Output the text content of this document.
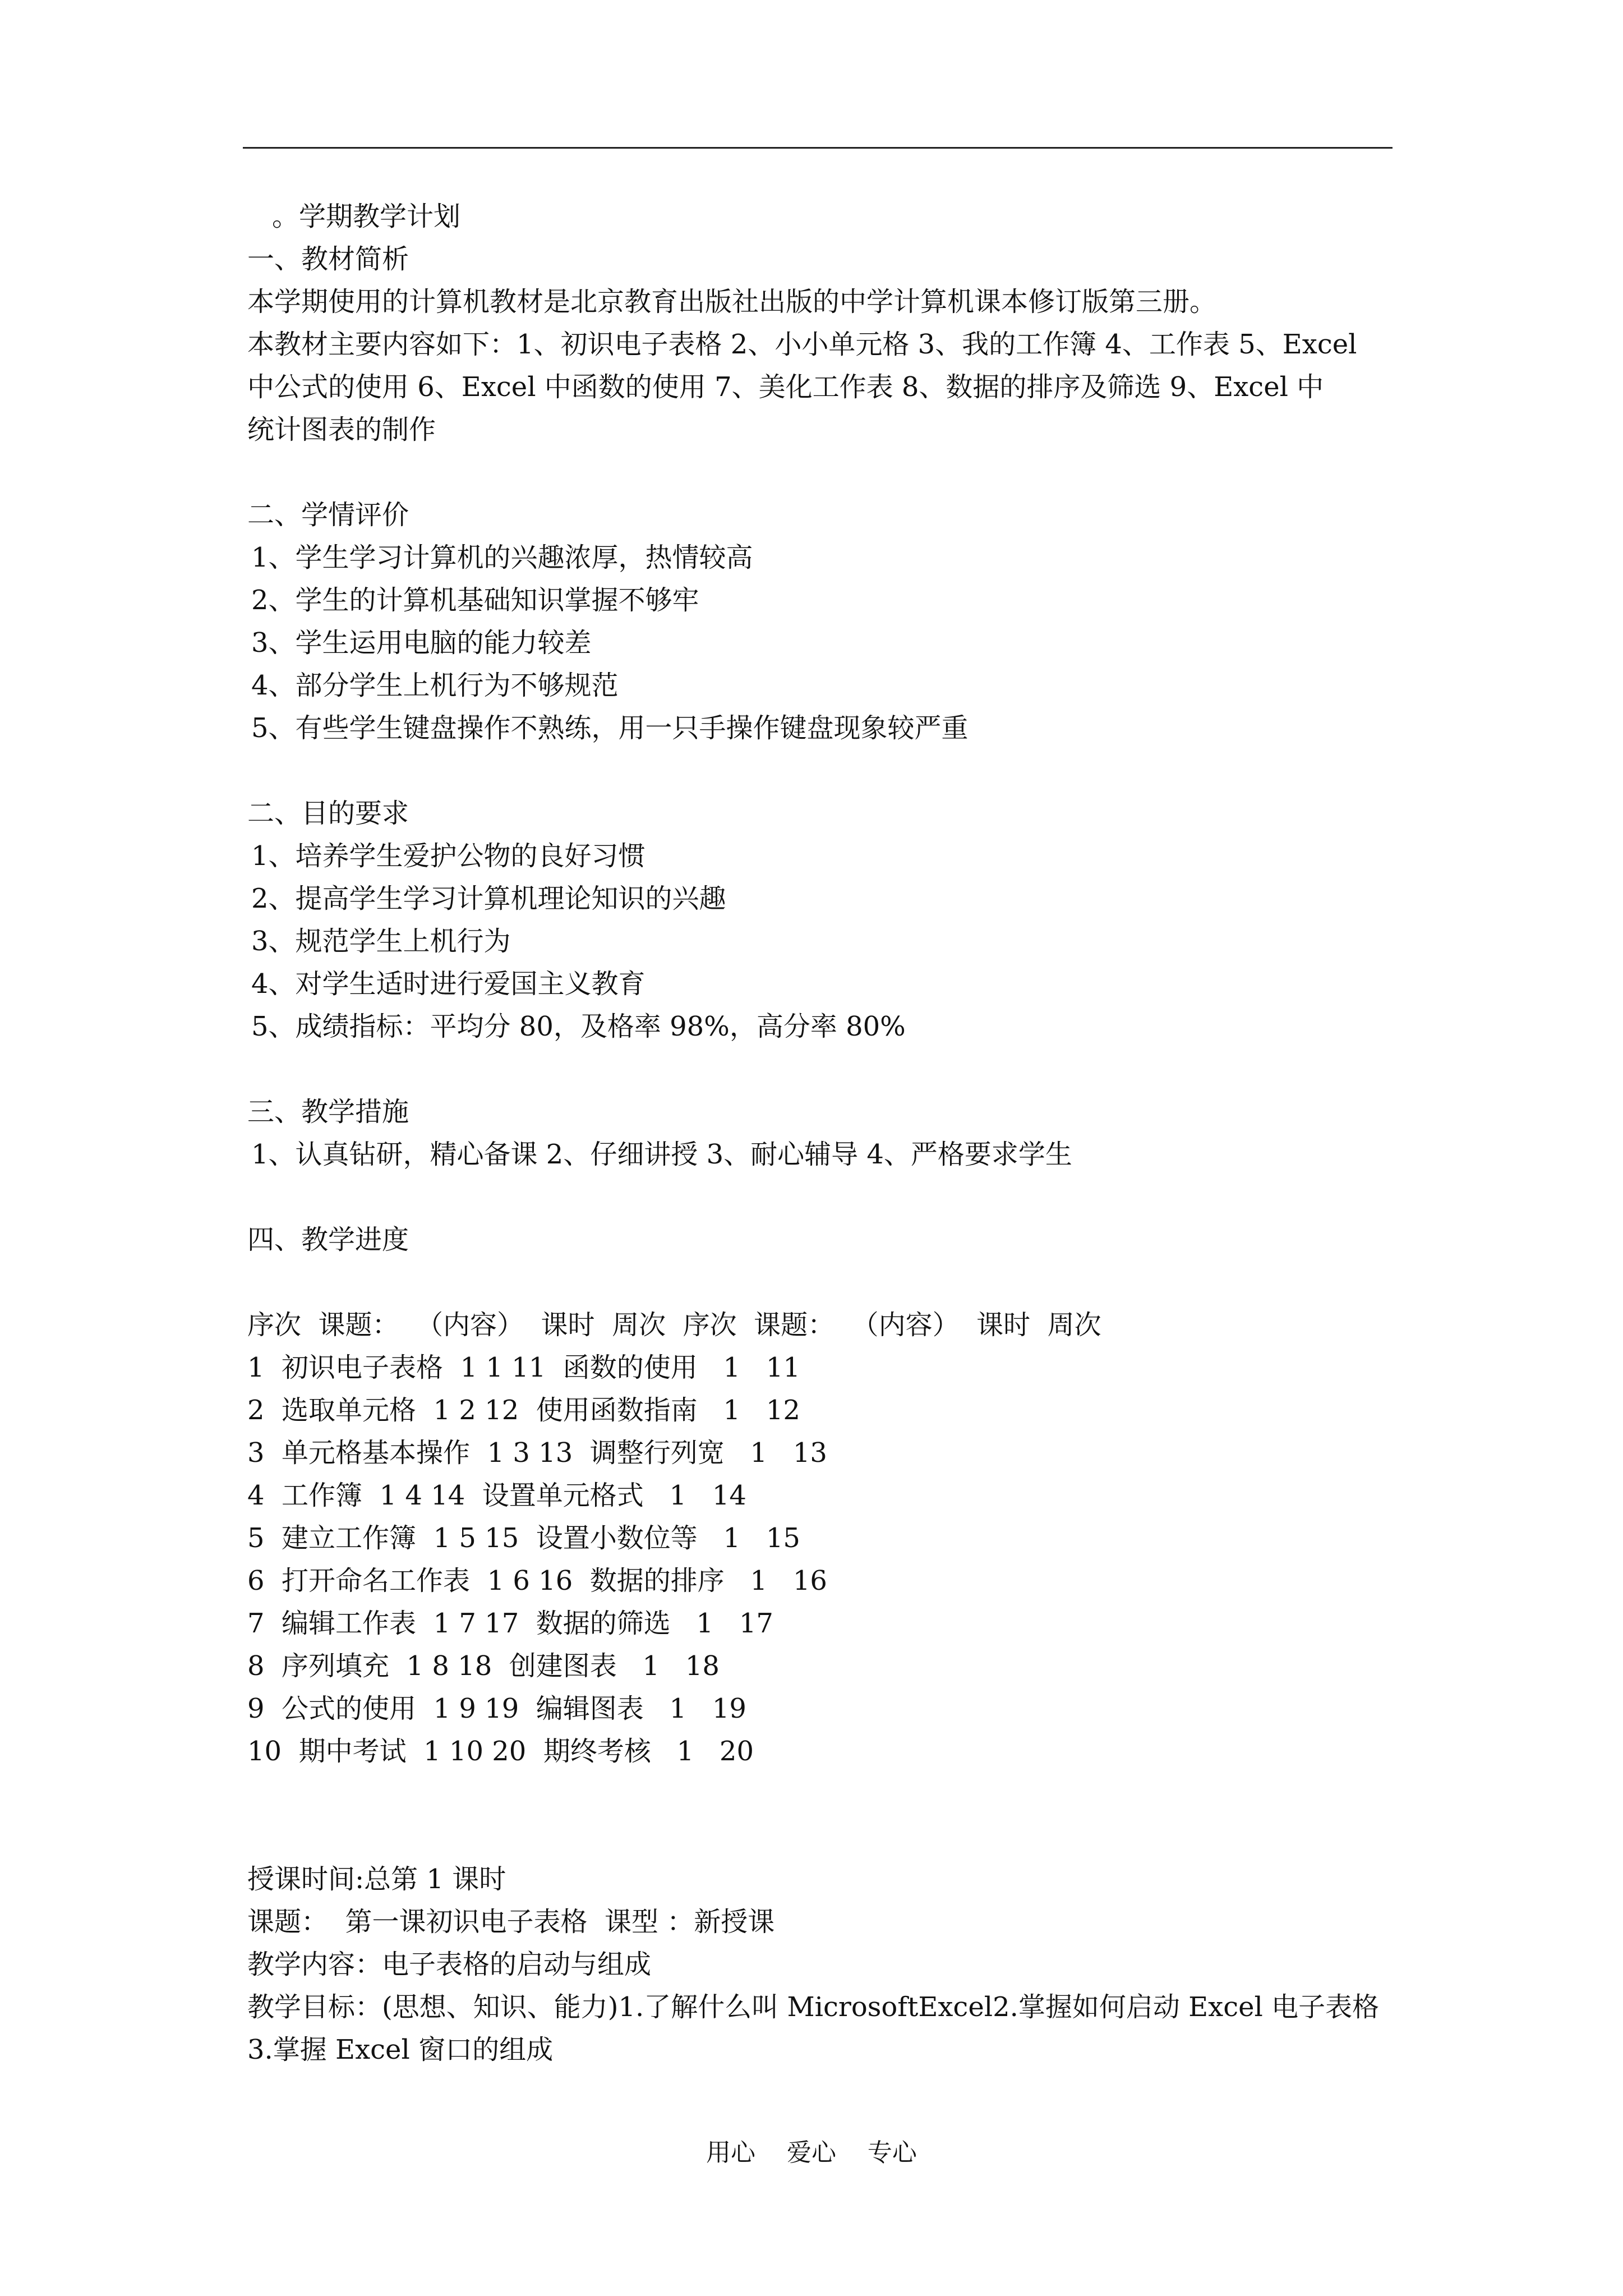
。学期教学计划
一、教材简析
本学期使用的计算机教材是北京教育出版社出版的中学计算机课本修订版第三册。
本教材主要内容如下：1、初识电子表格 2、小小单元格 3、我的工作簿 4、工作表 5、Excel
中公式的使用 6、Excel 中函数的使用 7、美化工作表 8、数据的排序及筛选 9、Excel 中
统计图表的制作
二、学情评价
1、学生学习计算机的兴趣浓厚，热情较高
2、学生的计算机基础知识掌握不够牢
3、学生运用电脑的能力较差
4、部分学生上机行为不够规范
5、有些学生键盘操作不熟练，用一只手操作键盘现象较严重
二、目的要求
1、培养学生爱护公物的良好习惯
2、提高学生学习计算机理论知识的兴趣
3、规范学生上机行为
4、对学生适时进行爱国主义教育
5、成绩指标：平均分 80，及格率 98%，高分率 80%
三、教学措施
1、认真钻研，精心备课 2、仔细讲授 3、耐心辅导 4、严格要求学生
四、教学进度
序次  课题：  （内容）  课时  周次  序次  课题：  （内容）  课时  周次
1  初识电子表格  1 1 11  函数的使用   1   11
2  选取单元格  1 2 12  使用函数指南   1   12
3  单元格基本操作  1 3 13  调整行列宽   1   13
4  工作簿  1 4 14  设置单元格式   1   14
5  建立工作簿  1 5 15  设置小数位等   1   15
6  打开命名工作表  1 6 16  数据的排序   1   16
7  编辑工作表  1 7 17  数据的筛选   1   17
8  序列填充  1 8 18  创建图表   1   18
9  公式的使用  1 9 19  编辑图表   1   19
10  期中考试  1 10 20  期终考核   1   20
授课时间:总第 1 课时
课题：  第一课初识电子表格  课型 ：新授课
教学内容：电子表格的启动与组成
教学目标：(思想、知识、能力)1.了解什么叫 MicrosoftExcel2.掌握如何启动 Excel 电子表格
3.掌握 Excel 窗口的组成
用心    爱心    专心
